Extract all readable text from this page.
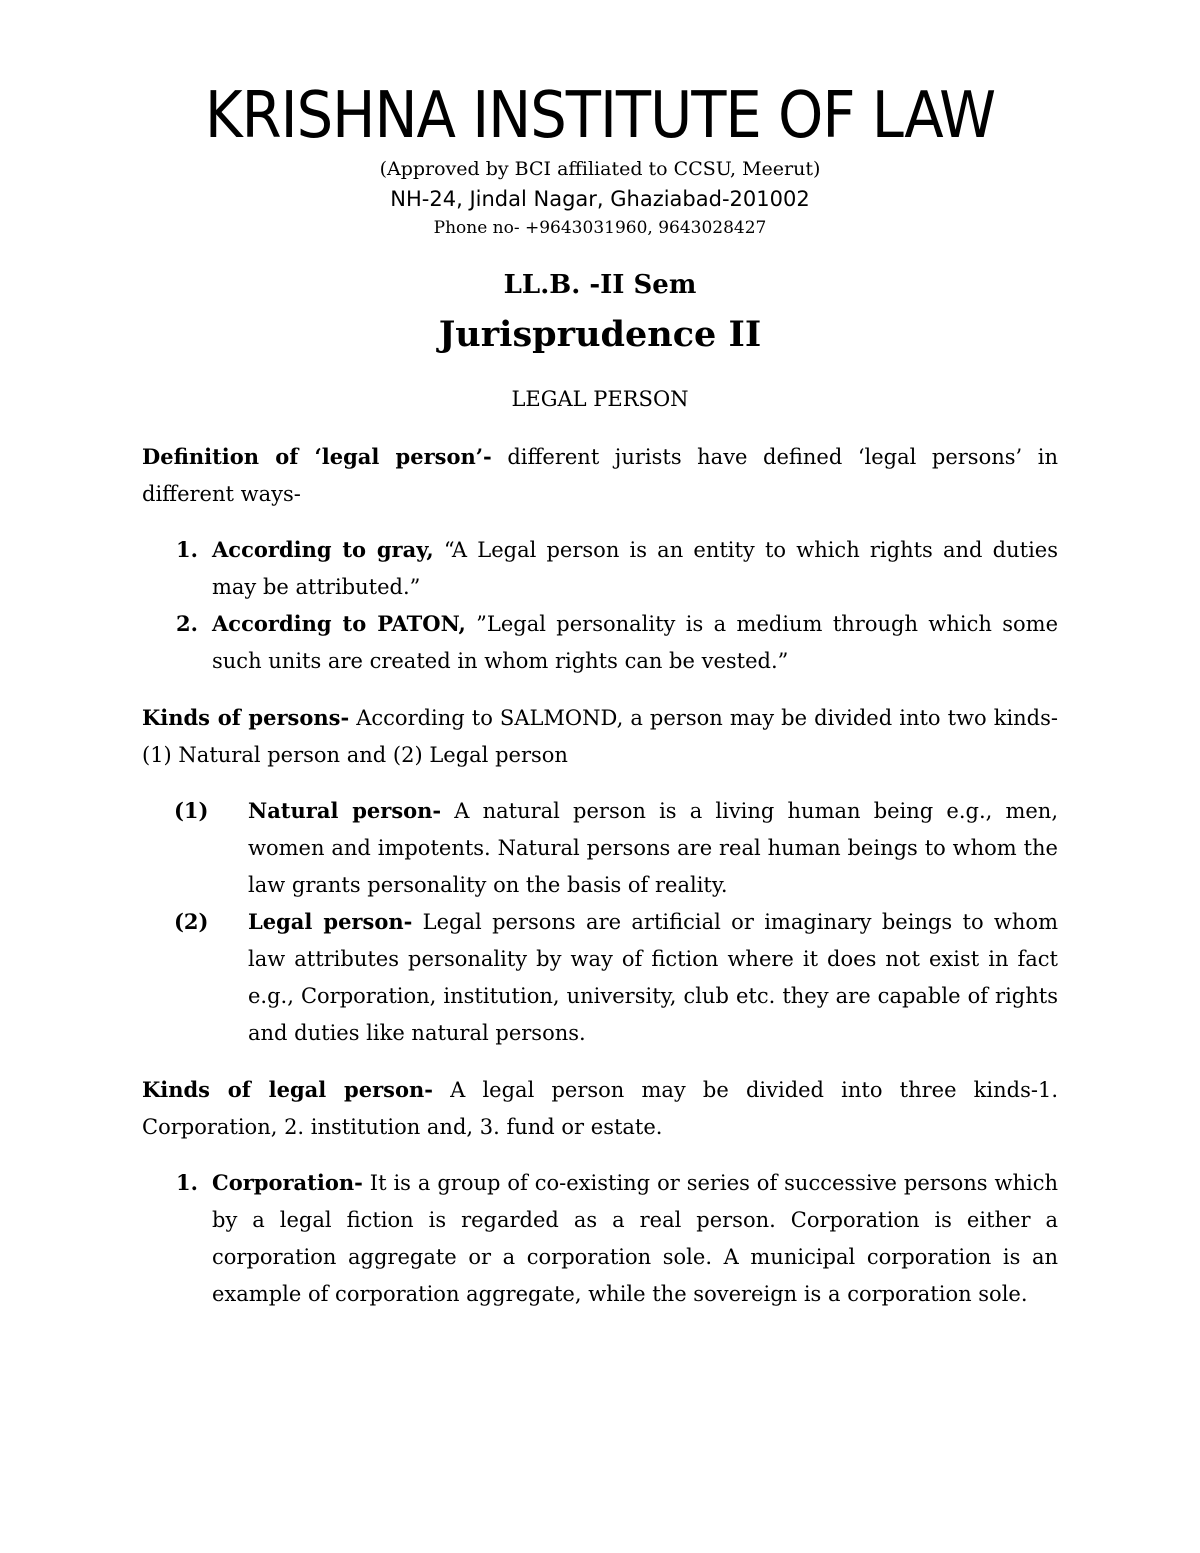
KRISHNA INSTITUTE OF LAW
(Approved by BCI affiliated to CCSU, Meerut)
NH-24, Jindal Nagar, Ghaziabad-201002
Phone no- +9643031960, 9643028427
LL.B. -II Sem
Jurisprudence II
LEGAL PERSON
Definition of ‘legal person’- different jurists have defined ‘legal persons’ in different ways-
1. According to gray, “A Legal person is an entity to which rights and duties may be attributed.”
2. According to PATON, ”Legal personality is a medium through which some such units are created in whom rights can be vested.”
Kinds of persons- According to SALMOND, a person may be divided into two kinds- (1) Natural person and (2) Legal person
(1)	Natural person- A natural person is a living human being e.g., men, women and impotents. Natural persons are real human beings to whom the law grants personality on the basis of reality.
(2)	Legal person- Legal persons are artificial or imaginary beings to whom law attributes personality by way of fiction where it does not exist in fact e.g., Corporation, institution, university, club etc. they are capable of rights and duties like natural persons.
Kinds of legal person- A legal person may be divided into three kinds-1. Corporation, 2. institution and, 3. fund or estate.
1. Corporation- It is a group of co-existing or series of successive persons which by a legal fiction is regarded as a real person. Corporation is either a corporation aggregate or a corporation sole. A municipal corporation is an example of corporation aggregate, while the sovereign is a corporation sole.
